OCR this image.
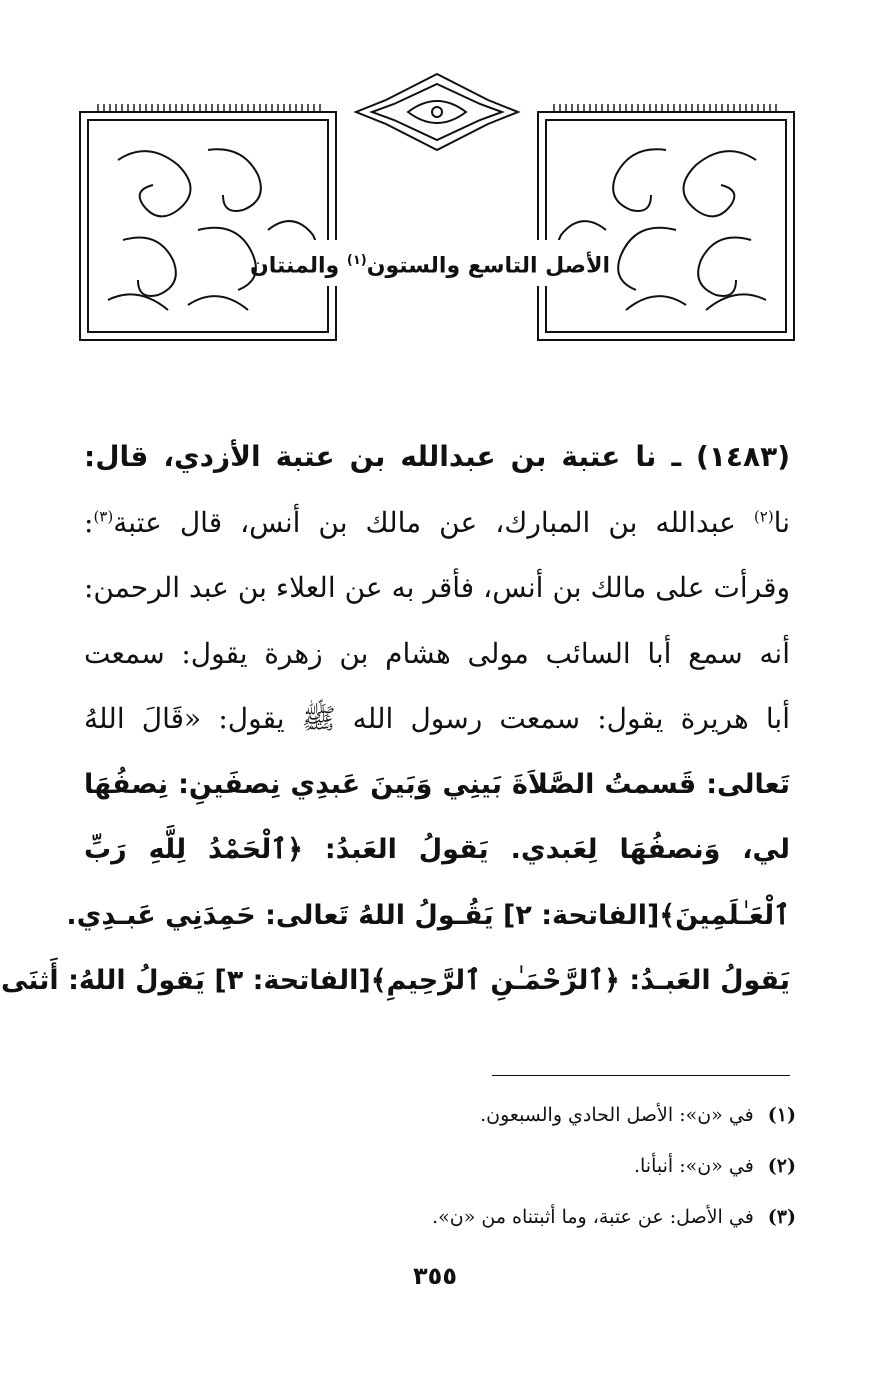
الأصل التاسع والستون$^{(١)}$ والمنتان
(١٤٨٣) ـ نا عتبة بن عبدالله بن عتبة الأزدي، قال:
نا$^{(٢)}$ عبدالله بن المبارك، عن مالك بن أنس، قال عتبة$^{(٣)}$:
وقرأت على مالك بن أنس، فأقر به عن العلاء بن عبد الرحمن:
أنه سمع أبا السائب مولى هشام بن زهرة يقول: سمعت
أبا هريرة يقول: سمعت رسول الله ﷺ يقول: «قَالَ اللهُ
تَعالى: قَسمتُ الصَّلاَةَ بَينِي وَبَينَ عَبدِي نِصفَينِ: نِصفُهَا
لي، وَنصفُهَا لِعَبدي. يَقولُ العَبدُ: ﴿ٱلْحَمْدُ لِلَّهِ رَبِّ
ٱلْعَـٰلَمِينَ﴾[الفاتحة: ٢] يَقُـولُ اللهُ تَعالى: حَمِدَنِي عَبـدِي.
يَقولُ العَبـدُ: ﴿ٱلرَّحْمَـٰنِ ٱلرَّحِيمِ﴾[الفاتحة: ٣] يَقولُ اللهُ: أَثنَى
(١)في «ن»: الأصل الحادي والسبعون.
(٢)في «ن»: أنبأنا.
(٣)في الأصل: عن عتبة، وما أثبتناه من «ن».
٣٥٥
